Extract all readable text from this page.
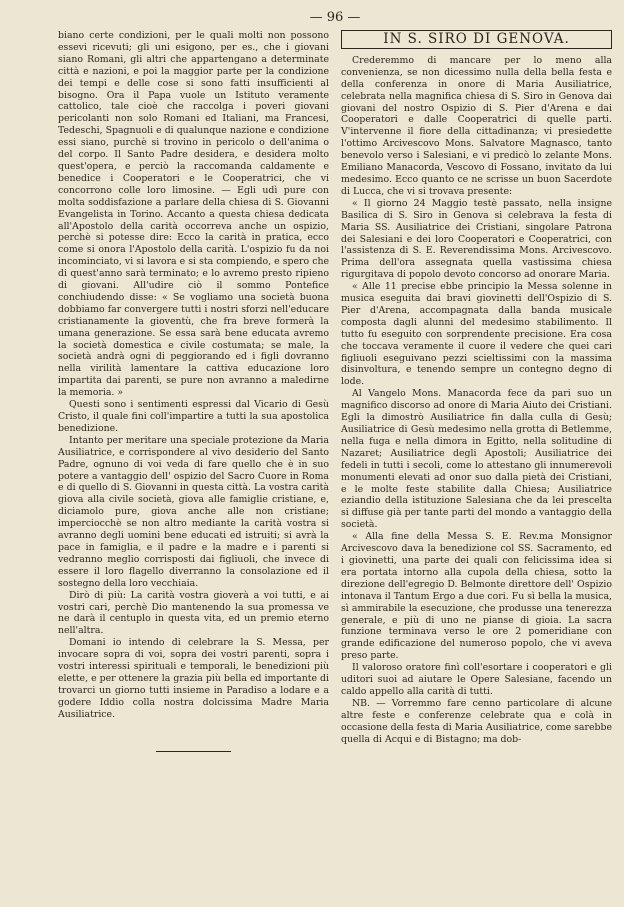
— 96 —

biano certe condizioni, per le quali molti non possono essevi ricevuti; gli uni esigono, per es., che i giovani siano Romani, gli altri che appartengano a determinate città e nazioni, e poi la maggior parte per la condizione dei tempi e delle cose si sono fatti insufficienti al bisogno. Ora il Papa vuole un Istituto veramente cattolico, tale cioè che raccolga i poveri giovani pericolanti non solo Romani ed Italiani, ma Francesi, Tedeschi, Spagnuoli e di qualunque nazione e condizione essi siano, purchè si trovino in pericolo o dell'anima o del corpo. Il Santo Padre desidera, e desidera molto quest'opera, e perciò la raccomanda caldamente e benedice i Cooperatori e le Cooperatrici, che vi concorrono colle loro limosine. — Egli udì pure con molta soddisfazione a parlare della chiesa di S. Giovanni Evangelista in Torino. Accanto a questa chiesa dedicata all'Apostolo della carità occorreva anche un ospizio, perchè si potesse dire: Ecco la carità in pratica, ecco come si onora l'Apostolo della carità. L'ospizio fu da noi incominciato, vi si lavora e si sta compiendo, e spero che di quest'anno sarà terminato; e lo avremo presto ripieno di giovani. All'udire ciò il sommo Pontefice conchiudendo disse: « Se vogliamo una società buona dobbiamo far convergere tutti i nostri sforzi nell'educare cristianamente la gioventù, che fra breve formerà la umana generazione. Se essa sarà bene educata avremo la società domestica e civile costumata; se male, la società andrà ogni di peggiorando ed i figli dovranno nella virilità lamentare la cattiva educazione loro impartita dai parenti, se pure non avranno a maledirne la memoria. »

Questi sono i sentimenti espressi dal Vicario di Gesù Cristo, il quale fini coll'impartire a tutti la sua apostolica benedizione.

Intanto per meritare una speciale protezione da Maria Ausiliatrice, e corrispondere al vivo desiderio del Santo Padre, ognuno di voi veda di fare quello che è in suo potere a vantaggio dell' ospizio del Sacro Cuore in Roma e di quello di S. Giovanni in questa città. La vostra carità giova alla civile società, giova alle famiglie cristiane, e, diciamolo pure, giova anche alle non cristiane; imperciocchè se non altro mediante la carità vostra si avranno degli uomini bene educati ed istruiti; si avrà la pace in famiglia, e il padre e la madre e i parenti si vedranno meglio corrisposti dai figliuoli, che invece di essere il loro flagello diverranno la consolazione ed il sostegno della loro vecchiaia.

Dirò di più: La carità vostra gioverà a voi tutti, e ai vostri cari, perchè Dio mantenendo la sua promessa ve ne darà il centuplo in questa vita, ed un premio eterno nell'altra.

Domani io intendo di celebrare la S. Messa, per invocare sopra di voi, sopra dei vostri parenti, sopra i vostri interessi spirituali e temporali, le benedizioni più elette, e per ottenere la grazia più bella ed importante di trovarci un giorno tutti insieme in Paradiso a lodare e a godere Iddio colla nostra dolcissima Madre Maria Ausiliatrice.

IN S. SIRO DI GENOVA.

Crederemmo di mancare per lo meno alla convenienza, se non dicessimo nulla della bella festa e della conferenza in onore di Maria Ausiliatrice, celebrata nella magnifica chiesa di S. Siro in Genova dai giovani del nostro Ospizio di S. Pier d'Arena e dai Cooperatori e dalle Cooperatrici di quelle parti. V'intervenne il fiore della cittadinanza; vi presiedette l'ottimo Arcivescovo Mons. Salvatore Magnasco, tanto benevolo verso i Salesiani, e vi predicò lo zelante Mons. Emiliano Manacorda, Vescovo di Fossano, invitato da lui medesimo. Ecco quanto ce ne scrisse un buon Sacerdote di Lucca, che vi si trovava presente:

« Il giorno 24 Maggio testè passato, nella insigne Basilica di S. Siro in Genova si celebrava la festa di Maria SS. Ausiliatrice dei Cristiani, singolare Patrona dei Salesiani e dei loro Cooperatori e Cooperatrici, con l'assistenza di S. E. Reverendissima Mons. Arcivescovo. Prima dell'ora assegnata quella vastissima chiesa rigurgitava di popolo devoto concorso ad onorare Maria.

« Alle 11 precise ebbe principio la Messa solenne in musica eseguita dai bravi giovinetti dell'Ospizio di S. Pier d'Arena, accompagnata dalla banda musicale composta dagli alunni del medesimo stabilimento. Il tutto fu eseguito con sorprendente precisione. Era cosa che toccava veramente il cuore il vedere che quei cari figliuoli eseguivano pezzi scieltissimi con la massima disinvoltura, e tenendo sempre un contegno degno di lode.

Al Vangelo Mons. Manacorda fece da pari suo un magnifico discorso ad onore di Maria Aiuto dei Cristiani. Egli la dimostrò Ausiliatrice fin dalla culla di Gesù; Ausiliatrice di Gesù medesimo nella grotta di Betlemme, nella fuga e nella dimora in Egitto, nella solitudine di Nazaret; Ausiliatrice degli Apostoli; Ausiliatrice dei fedeli in tutti i secoli, come lo attestano gli innumerevoli monumenti elevati ad onor suo dalla pietà dei Cristiani, e le molte feste stabilite dalla Chiesa; Ausiliatrice eziandio della istituzione Salesiana che da lei prescelta si diffuse già per tante parti del mondo a vantaggio della società.

« Alla fine della Messa S. E. Rev.ma Monsignor Arcivescovo dava la benedizione col SS. Sacramento, ed i giovinetti, una parte dei quali con felicissima idea si era portata intorno alla cupola della chiesa, sotto la direzione dell'egregio D. Belmonte direttore dell' Ospizio intonava il Tantum Ergo a due cori. Fu sì bella la musica, sì ammirabile la esecuzione, che produsse una tenerezza generale, e più di uno ne pianse di gioia. La sacra funzione terminava verso le ore 2 pomeridiane con grande edificazione del numeroso popolo, che vi aveva preso parte.

Il valoroso oratore finì coll'esortare i cooperatori e gli uditori suoi ad aiutare le Opere Salesiane, facendo un caldo appello alla carità di tutti.

NB. — Vorremmo fare cenno particolare di alcune altre feste e conferenze celebrate qua e colà in occasione della festa di Maria Ausiliatrice, come sarebbe quella di Acqui e di Bistagno; ma dob-
